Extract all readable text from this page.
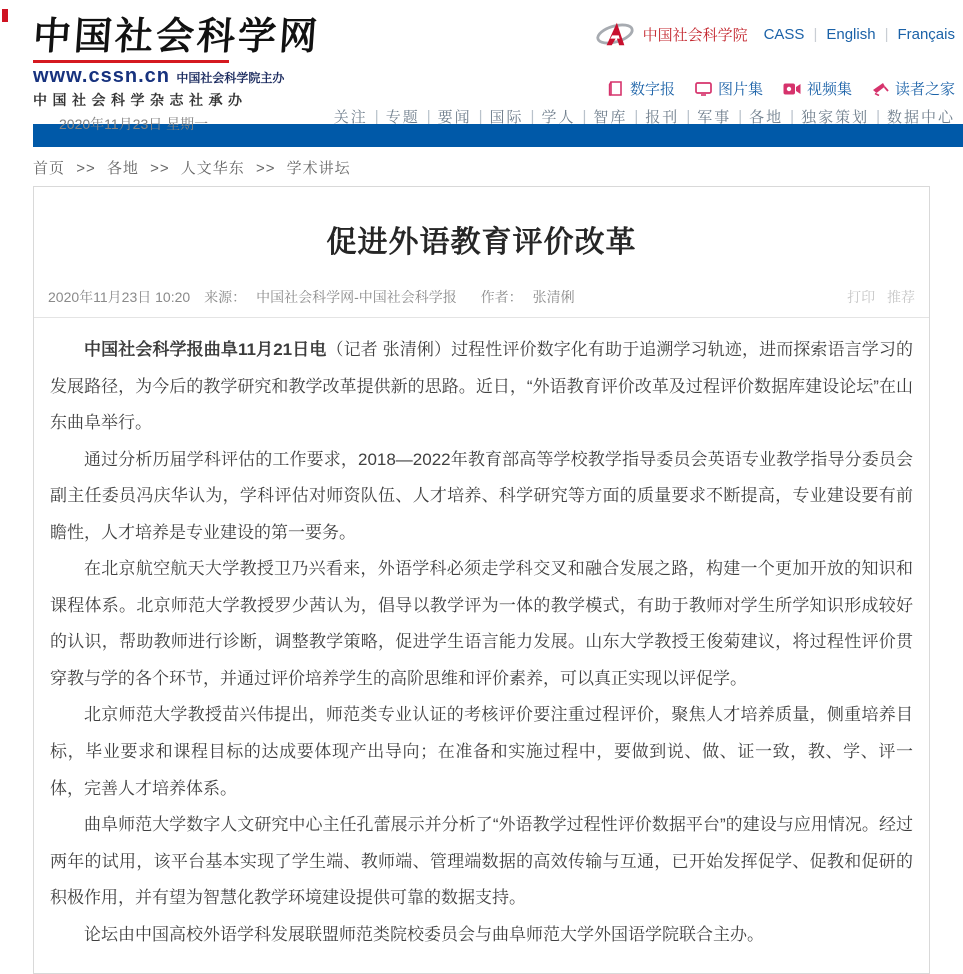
中国社会科学网
www.cssn.cn 中国社会科学院主办
中国社会科学杂志社承办
2020年11月23日 星期一
中国社会科学院 CASS | English | Français
数字报	图片集	视频集	读者之家
关注 | 专题 | 要闻 | 国际 | 学人 | 智库 | 报刊 | 军事 | 各地 | 独家策划 | 数据中心
首页 >> 各地 >> 人文华东 >> 学术讲坛
促进外语教育评价改革
2020年11月23日 10:20 来源： 中国社会科学网-中国社会科学报 作者： 张清俐	打印 推荐

中国社会科学报曲阜11月21日电（记者 张清俐）过程性评价数字化有助于追溯学习轨迹，进而探索语言学习的发展路径，为今后的教学研究和教学改革提供新的思路。近日，“外语教育评价改革及过程评价数据库建设论坛”在山东曲阜举行。

通过分析历届学科评估的工作要求，2018—2022年教育部高等学校教学指导委员会英语专业教学指导分委员会副主任委员冯庆华认为，学科评估对师资队伍、人才培养、科学研究等方面的质量要求不断提高，专业建设要有前瞻性，人才培养是专业建设的第一要务。

在北京航空航天大学教授卫乃兴看来，外语学科必须走学科交叉和融合发展之路，构建一个更加开放的知识和课程体系。北京师范大学教授罗少茜认为，倡导以教学评为一体的教学模式，有助于教师对学生所学知识形成较好的认识，帮助教师进行诊断，调整教学策略，促进学生语言能力发展。山东大学教授王俊菊建议，将过程性评价贯穿教与学的各个环节，并通过评价培养学生的高阶思维和评价素养，可以真正实现以评促学。

北京师范大学教授苗兴伟提出，师范类专业认证的考核评价要注重过程评价，聚焦人才培养质量，侧重培养目标，毕业要求和课程目标的达成要体现产出导向；在准备和实施过程中，要做到说、做、证一致，教、学、评一体，完善人才培养体系。

曲阜师范大学数字人文研究中心主任孔蕾展示并分析了“外语教学过程性评价数据平台”的建设与应用情况。经过两年的试用，该平台基本实现了学生端、教师端、管理端数据的高效传输与互通，已开始发挥促学、促教和促研的积极作用，并有望为智慧化教学环境建设提供可靠的数据支持。

论坛由中国高校外语学科发展联盟师范类院校委员会与曲阜师范大学外国语学院联合主办。
